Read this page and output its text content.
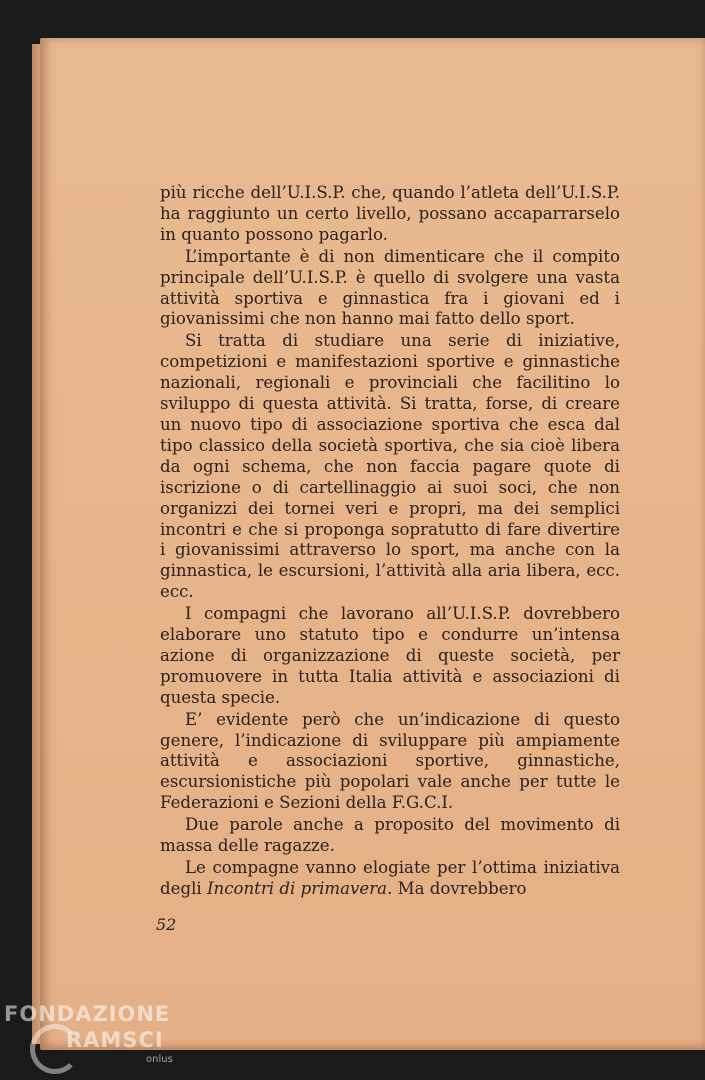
più ricche dell’U.I.S.P. che, quando l’atleta dell’U.I.S.P. ha raggiunto un certo livello, possano accaparrarselo in quanto possono pagarlo.

L’importante è di non dimenticare che il compito principale dell’U.I.S.P. è quello di svolgere una vasta attività sportiva e ginnastica fra i giovani ed i giovanissimi che non hanno mai fatto dello sport.

Si tratta di studiare una serie di iniziative, competizioni e manifestazioni sportive e ginnastiche nazionali, regionali e provinciali che facilitino lo sviluppo di questa attività. Si tratta, forse, di creare un nuovo tipo di associazione sportiva che esca dal tipo classico della società sportiva, che sia cioè libera da ogni schema, che non faccia pagare quote di iscrizione o di cartellinaggio ai suoi soci, che non organizzi dei tornei veri e propri, ma dei semplici incontri e che si proponga sopratutto di fare divertire i giovanissimi attraverso lo sport, ma anche con la ginnastica, le escursioni, l’attività alla aria libera, ecc. ecc.

I compagni che lavorano all’U.I.S.P. dovrebbero elaborare uno statuto tipo e condurre un’intensa azione di organizzazione di queste società, per promuovere in tutta Italia attività e associazioni di questa specie.

E’ evidente però che un’indicazione di questo genere, l’indicazione di sviluppare più ampiamente attività e associazioni sportive, ginnastiche, escursionistiche più popolari vale anche per tutte le Federazioni e Sezioni della F.G.C.I.

Due parole anche a proposito del movimento di massa delle ragazze.

Le compagne vanno elogiate per l’ottima iniziativa degli Incontri di primavera. Ma dovrebbero

52
FONDAZIONE
RAMSCI
onlus
